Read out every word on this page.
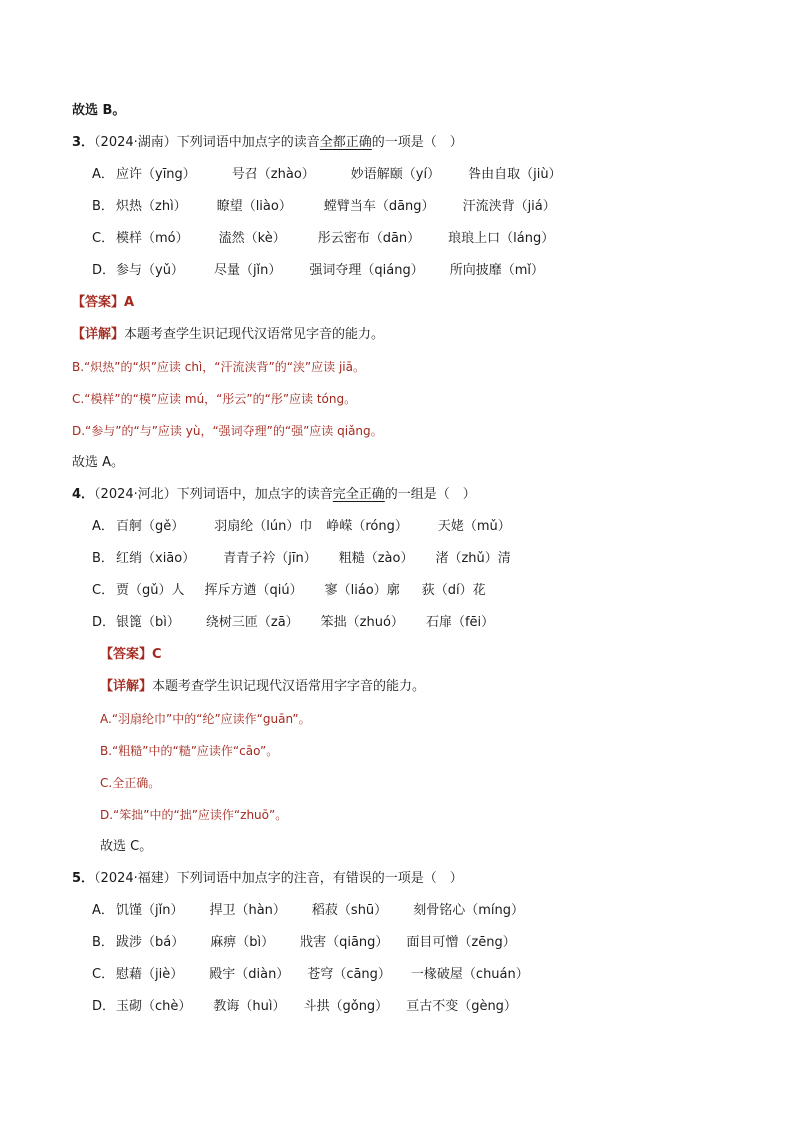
故选 B。
3．（2024·湖南）下列词语中加点字的读音全都正确的一项是（　）
A． 应许（yīng）	号召（zhào）	妙语解颐（yí） 咎由自取（jiù）
B． 炽热（zhì） 瞭望（liào） 螳臂当车（dāng） 汗流浃背（jiá）
C． 模样（mó） 溘然（kè） 彤云密布（dān） 琅琅上口（láng）
D．参与（yǔ） 尽量（jǐn） 强词夺理（qiáng） 所向披靡（mǐ）
【答案】A
【详解】本题考查学生识记现代汉语常见字音的能力。
B.“炽热”的“炽”应读 chì，“汗流浃背”的“浃”应读 jiā。
C.“模样”的“模”应读 mú，“彤云”的“彤”应读 tóng。
D.“参与”的“与”应读 yù，“强词夺理”的“强”应读 qiǎng。
故选 A。
4．（2024·河北）下列词语中，加点字的读音完全正确的一组是（　）
A． 百舸（gě） 羽扇纶（lún）巾 峥嵘（róng） 天姥（mǔ）
B． 红绡（xiāo） 青青子衿（jīn） 粗糙（zào） 渚（zhǔ）清
C． 贾（gǔ）人 挥斥方遒（qiú） 寥（liáo）廓 荻（dí）花
D．银篦（bì） 绕树三匝（zā） 笨拙（zhuó） 石扉（fēi）
【答案】C
【详解】本题考查学生识记现代汉语常用字字音的能力。
A.“羽扇纶巾”中的“纶”应读作“guān”。
B.“粗糙”中的“糙”应读作“cāo”。
C.全正确。
D.“笨拙”中的“拙”应读作“zhuō”。
故选 C。
5．（2024·福建）下列词语中加点字的注音，有错误的一项是（　）
A． 饥馑（jǐn） 捍卫（hàn） 稻菽（shū） 刻骨铭心（míng）
B． 跋涉（bá） 麻痹（bì） 戕害（qiāng） 面目可憎（zēng）
C． 慰藉（jiè） 殿宇（diàn） 苍穹（cāng） 一椽破屋（chuán）
D．玉砌（chè） 教诲（huì） 斗拱（gǒng） 亘古不变（gèng）
